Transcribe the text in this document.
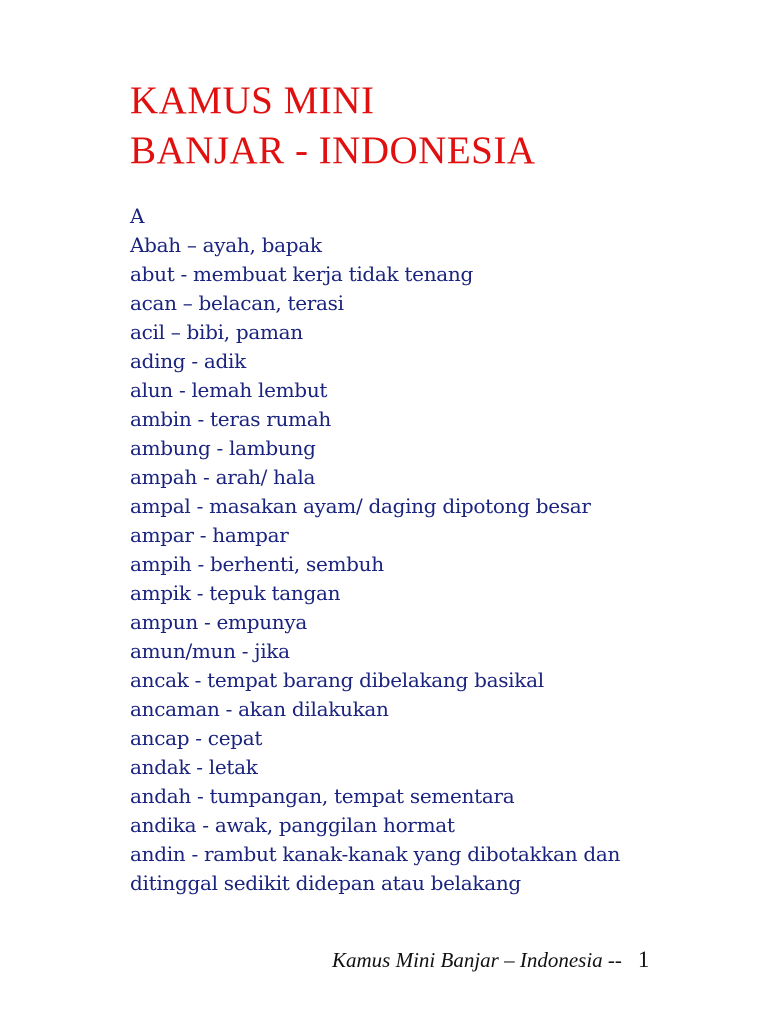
KAMUS MINI
BANJAR - INDONESIA
A
Abah – ayah, bapak
abut - membuat kerja tidak tenang
acan – belacan, terasi
acil – bibi, paman
ading - adik
alun - lemah lembut
ambin - teras rumah
ambung - lambung
ampah - arah/ hala
ampal - masakan ayam/ daging dipotong besar
ampar - hampar
ampih - berhenti, sembuh
ampik - tepuk tangan
ampun - empunya
amun/mun - jika
ancak - tempat barang dibelakang basikal
ancaman - akan dilakukan
ancap - cepat
andak - letak
andah - tumpangan, tempat sementara
andika - awak, panggilan hormat
andin - rambut kanak-kanak yang dibotakkan dan
ditinggal sedikit didepan atau belakang
Kamus Mini Banjar – Indonesia -- 1
